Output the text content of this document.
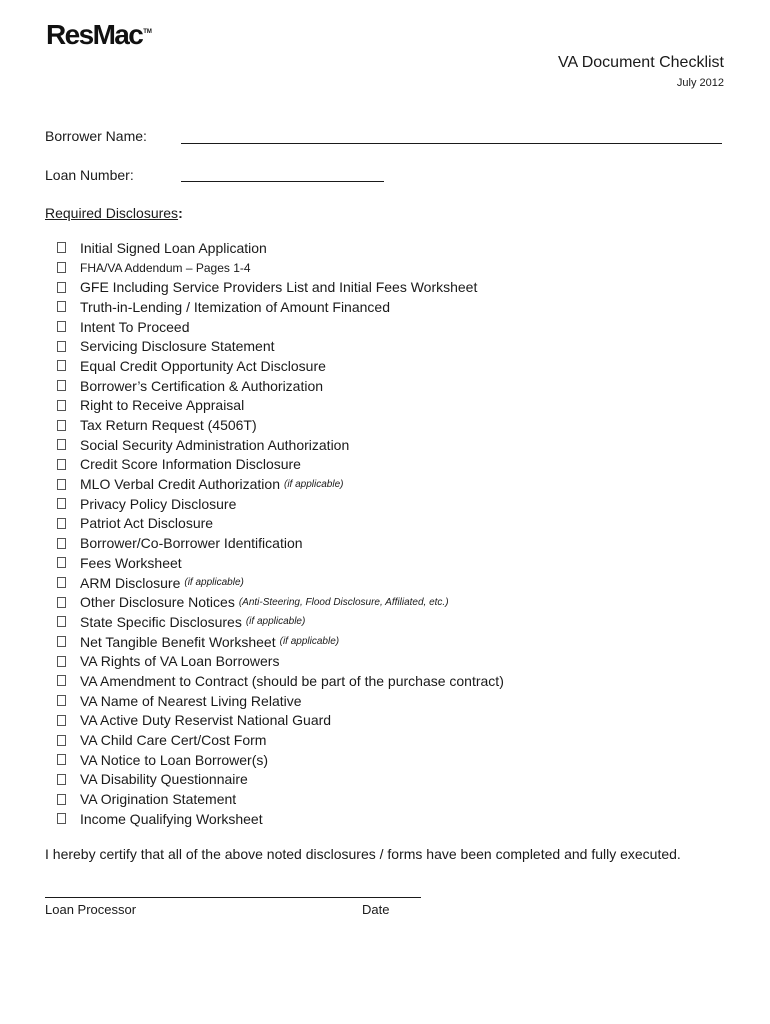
ResMacTM
VA Document Checklist
July 2012
Borrower Name:
Loan Number:
Required Disclosures:
Initial Signed Loan Application
FHA/VA Addendum – Pages 1-4
GFE Including Service Providers List and Initial Fees Worksheet
Truth-in-Lending / Itemization of Amount Financed
Intent To Proceed
Servicing Disclosure Statement
Equal Credit Opportunity Act Disclosure
Borrower’s Certification & Authorization
Right to Receive Appraisal
Tax Return Request (4506T)
Social Security Administration Authorization
Credit Score Information Disclosure
MLO Verbal Credit Authorization (if applicable)
Privacy Policy Disclosure
Patriot Act Disclosure
Borrower/Co-Borrower Identification
Fees Worksheet
ARM Disclosure (if applicable)
Other Disclosure Notices (Anti-Steering, Flood Disclosure, Affiliated, etc.)
State Specific Disclosures (if applicable)
Net Tangible Benefit Worksheet (if applicable)
VA Rights of VA Loan Borrowers
VA Amendment to Contract (should be part of the purchase contract)
VA Name of Nearest Living Relative
VA Active Duty Reservist National Guard
VA Child Care Cert/Cost Form
VA Notice to Loan Borrower(s)
VA Disability Questionnaire
VA Origination Statement
Income Qualifying Worksheet
I hereby certify that all of the above noted disclosures / forms have been completed and fully executed.
Loan Processor	Date
